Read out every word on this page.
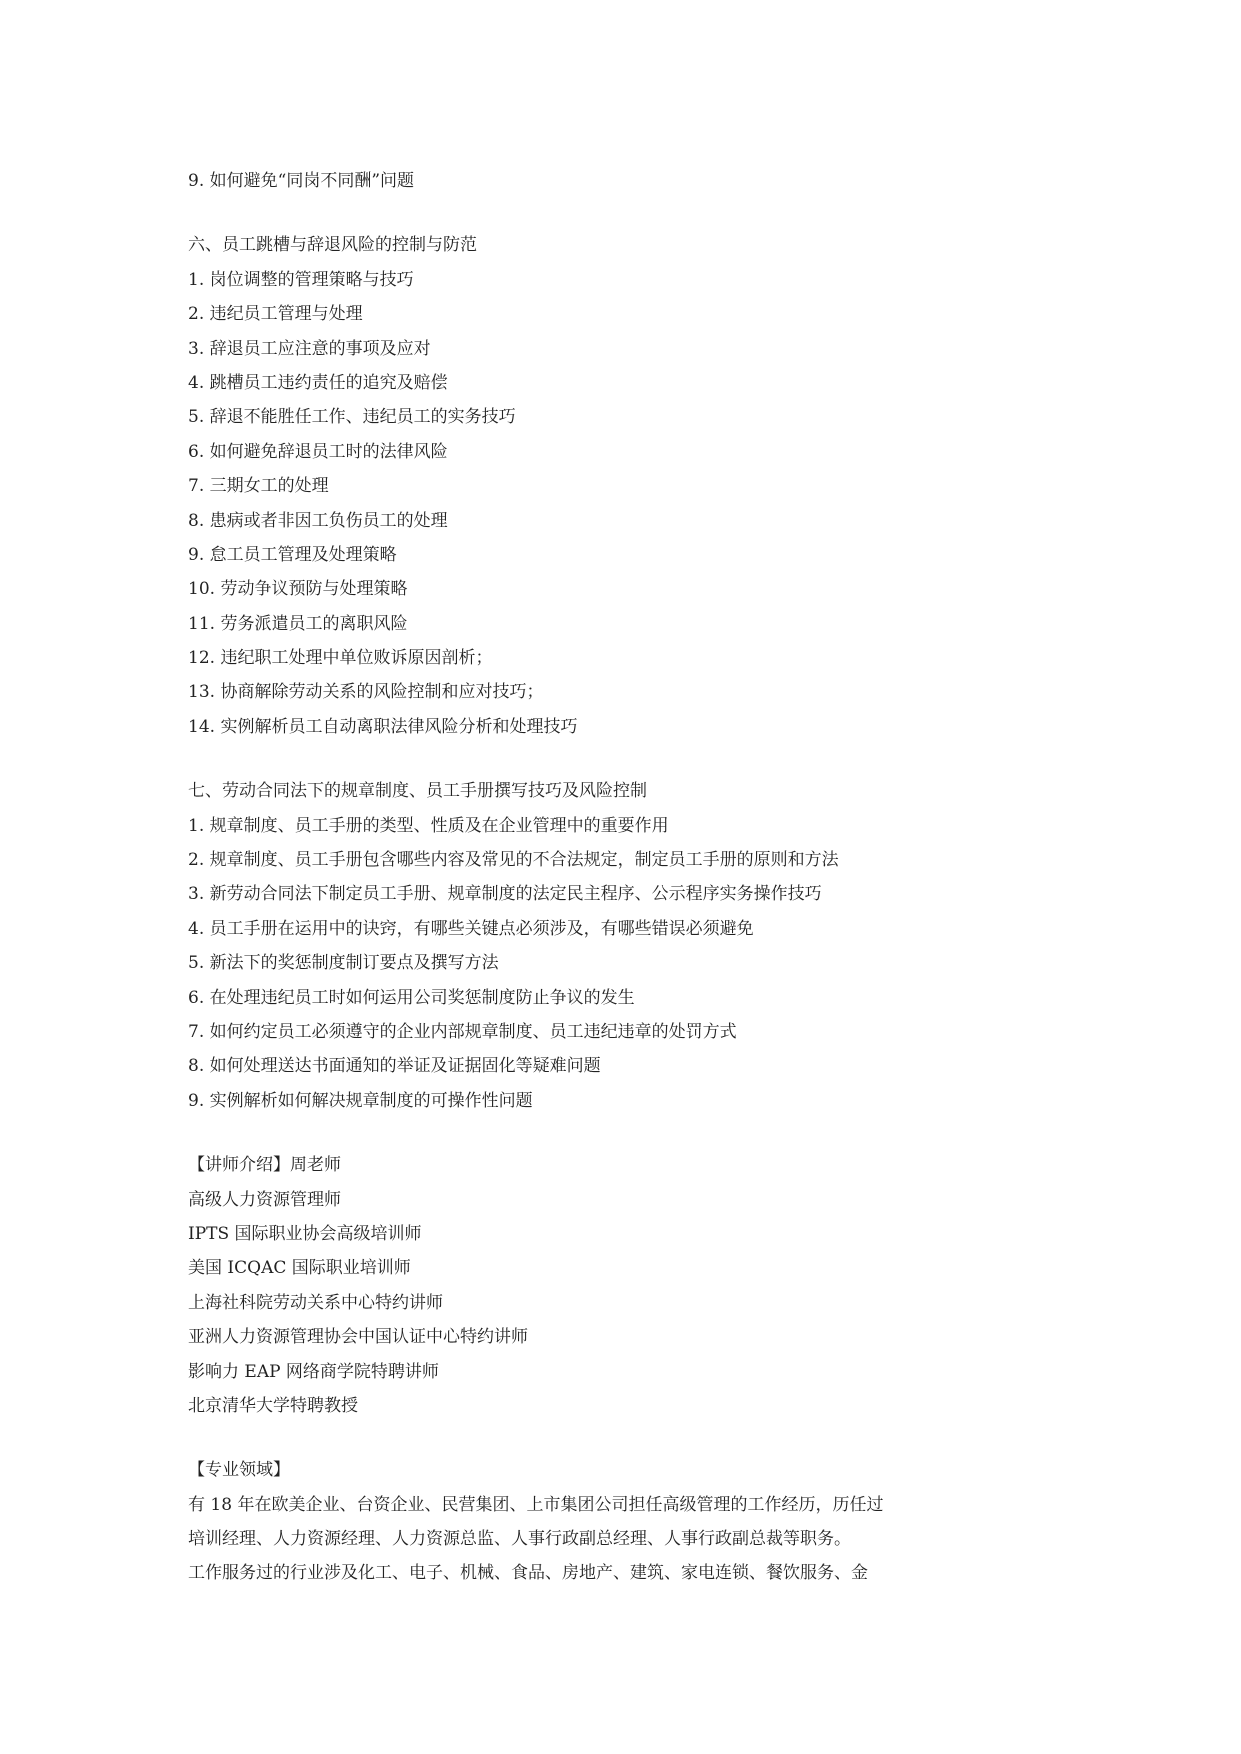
9. 如何避免“同岗不同酬”问题
六、员工跳槽与辞退风险的控制与防范
1. 岗位调整的管理策略与技巧
2. 违纪员工管理与处理
3. 辞退员工应注意的事项及应对
4. 跳槽员工违约责任的追究及赔偿
5. 辞退不能胜任工作、违纪员工的实务技巧
6. 如何避免辞退员工时的法律风险
7. 三期女工的处理
8. 患病或者非因工负伤员工的处理
9. 怠工员工管理及处理策略
10. 劳动争议预防与处理策略
11. 劳务派遣员工的离职风险
12. 违纪职工处理中单位败诉原因剖析；
13. 协商解除劳动关系的风险控制和应对技巧；
14. 实例解析员工自动离职法律风险分析和处理技巧
七、劳动合同法下的规章制度、员工手册撰写技巧及风险控制
1. 规章制度、员工手册的类型、性质及在企业管理中的重要作用
2. 规章制度、员工手册包含哪些内容及常见的不合法规定，制定员工手册的原则和方法
3. 新劳动合同法下制定员工手册、规章制度的法定民主程序、公示程序实务操作技巧
4. 员工手册在运用中的诀窍，有哪些关键点必须涉及，有哪些错误必须避免
5. 新法下的奖惩制度制订要点及撰写方法
6. 在处理违纪员工时如何运用公司奖惩制度防止争议的发生
7. 如何约定员工必须遵守的企业内部规章制度、员工违纪违章的处罚方式
8. 如何处理送达书面通知的举证及证据固化等疑难问题
9. 实例解析如何解决规章制度的可操作性问题
【讲师介绍】周老师
高级人力资源管理师
IPTS 国际职业协会高级培训师
美国 ICQAC 国际职业培训师
上海社科院劳动关系中心特约讲师
亚洲人力资源管理协会中国认证中心特约讲师
影响力 EAP 网络商学院特聘讲师
北京清华大学特聘教授
【专业领域】
有 18 年在欧美企业、台资企业、民营集团、上市集团公司担任高级管理的工作经历，历任过
培训经理、人力资源经理、人力资源总监、人事行政副总经理、人事行政副总裁等职务。
工作服务过的行业涉及化工、电子、机械、食品、房地产、建筑、家电连锁、餐饮服务、金
